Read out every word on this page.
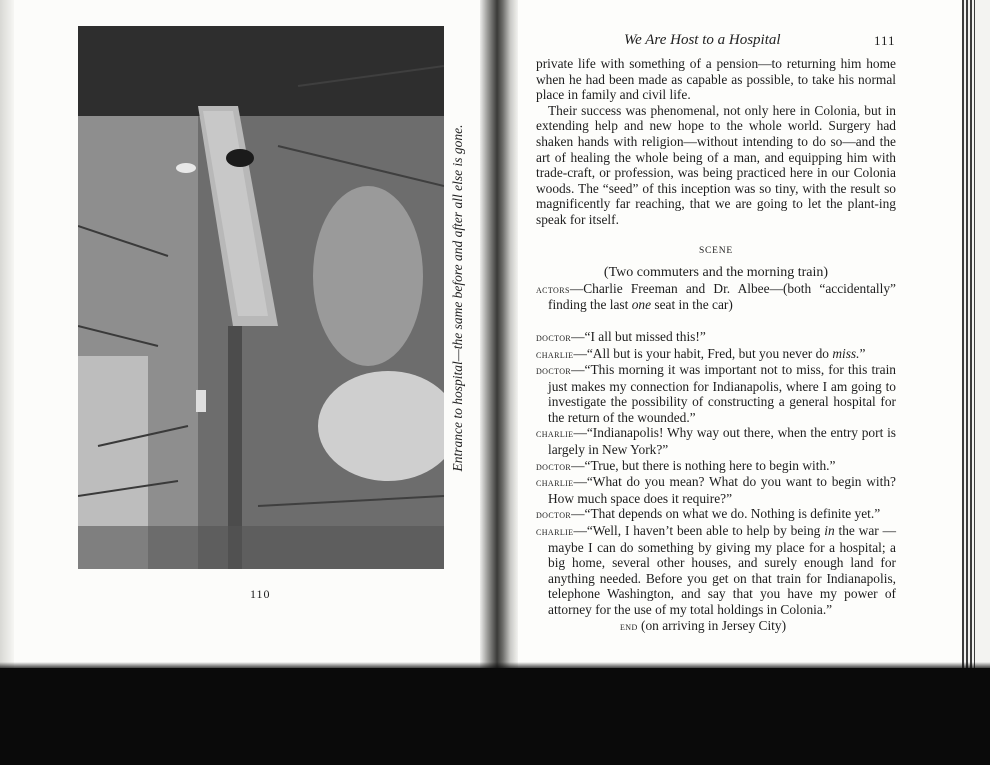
Entrance to hospital—the same before and after all else is gone.
110
We Are Host to a Hospital	111

private life with something of a pension—to returning him home when he had been made as capable as possible, to take his normal place in family and civil life.

Their success was phenomenal, not only here in Colonia, but in extending help and new hope to the whole world. Surgery had shaken hands with religion—without intending to do so—and the art of healing the whole being of a man, and equipping him with trade-craft, or profession, was being practiced here in our Colonia woods. The “seed” of this inception was so tiny, with the result so magnificently far reaching, that we are going to let the plant-ing speak for itself.

SCENE
(Two commuters and the morning train)

actors—Charlie Freeman and Dr. Albee—(both “accidentally” finding the last one seat in the car)

doctor—“I all but missed this!”

charlie—“All but is your habit, Fred, but you never do miss.”

doctor—“This morning it was important not to miss, for this train just makes my connection for Indianapolis, where I am going to investigate the possibility of constructing a general hospital for the return of the wounded.”

charlie—“Indianapolis! Why way out there, when the entry port is largely in New York?”

doctor—“True, but there is nothing here to begin with.”

charlie—“What do you mean? What do you want to begin with? How much space does it require?”

doctor—“That depends on what we do. Nothing is definite yet.”

charlie—“Well, I haven’t been able to help by being in the war —maybe I can do something by giving my place for a hospital; a big home, several other houses, and surely enough land for anything needed. Before you get on that train for Indianapolis, telephone Washington, and say that you have my power of attorney for the use of my total holdings in Colonia.”

end (on arriving in Jersey City)
